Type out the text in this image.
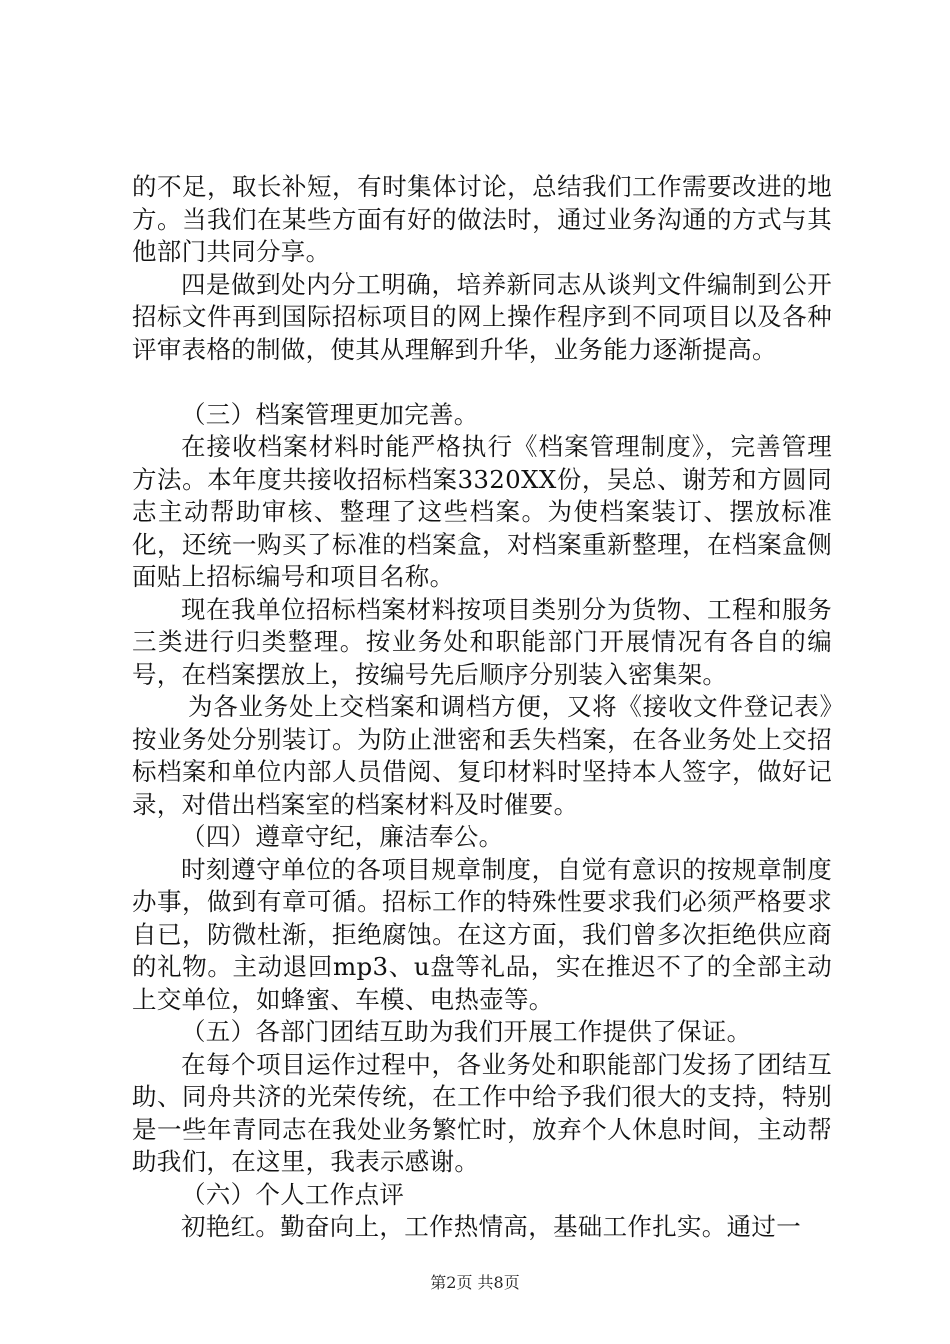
的不足，取长补短，有时集体讨论，总结我们工作需要改进的地方。当我们在某些方面有好的做法时，通过业务沟通的方式与其他部门共同分享。

四是做到处内分工明确，培养新同志从谈判文件编制到公开招标文件再到国际招标项目的网上操作程序到不同项目以及各种评审表格的制做，使其从理解到升华，业务能力逐渐提高。

（三）档案管理更加完善。

在接收档案材料时能严格执行《档案管理制度》，完善管理方法。本年度共接收招标档案3320XX份，吴总、谢芳和方圆同志主动帮助审核、整理了这些档案。为使档案装订、摆放标准化，还统一购买了标准的档案盒，对档案重新整理，在档案盒侧面贴上招标编号和项目名称。

现在我单位招标档案材料按项目类别分为货物、工程和服务三类进行归类整理。按业务处和职能部门开展情况有各自的编号，在档案摆放上，按编号先后顺序分别装入密集架。

为各业务处上交档案和调档方便，又将《接收文件登记表》按业务处分别装订。为防止泄密和丢失档案，在各业务处上交招标档案和单位内部人员借阅、复印材料时坚持本人签字，做好记录，对借出档案室的档案材料及时催要。

（四）遵章守纪，廉洁奉公。

时刻遵守单位的各项目规章制度，自觉有意识的按规章制度办事，做到有章可循。招标工作的特殊性要求我们必须严格要求自已，防微杜渐，拒绝腐蚀。在这方面，我们曾多次拒绝供应商的礼物。主动退回mp3、u盘等礼品，实在推迟不了的全部主动上交单位，如蜂蜜、车模、电热壶等。

（五）各部门团结互助为我们开展工作提供了保证。

在每个项目运作过程中，各业务处和职能部门发扬了团结互助、同舟共济的光荣传统，在工作中给予我们很大的支持，特别是一些年青同志在我处业务繁忙时，放弃个人休息时间，主动帮助我们，在这里，我表示感谢。

（六）个人工作点评

初艳红。勤奋向上，工作热情高，基础工作扎实。通过一

第2页 共8页
